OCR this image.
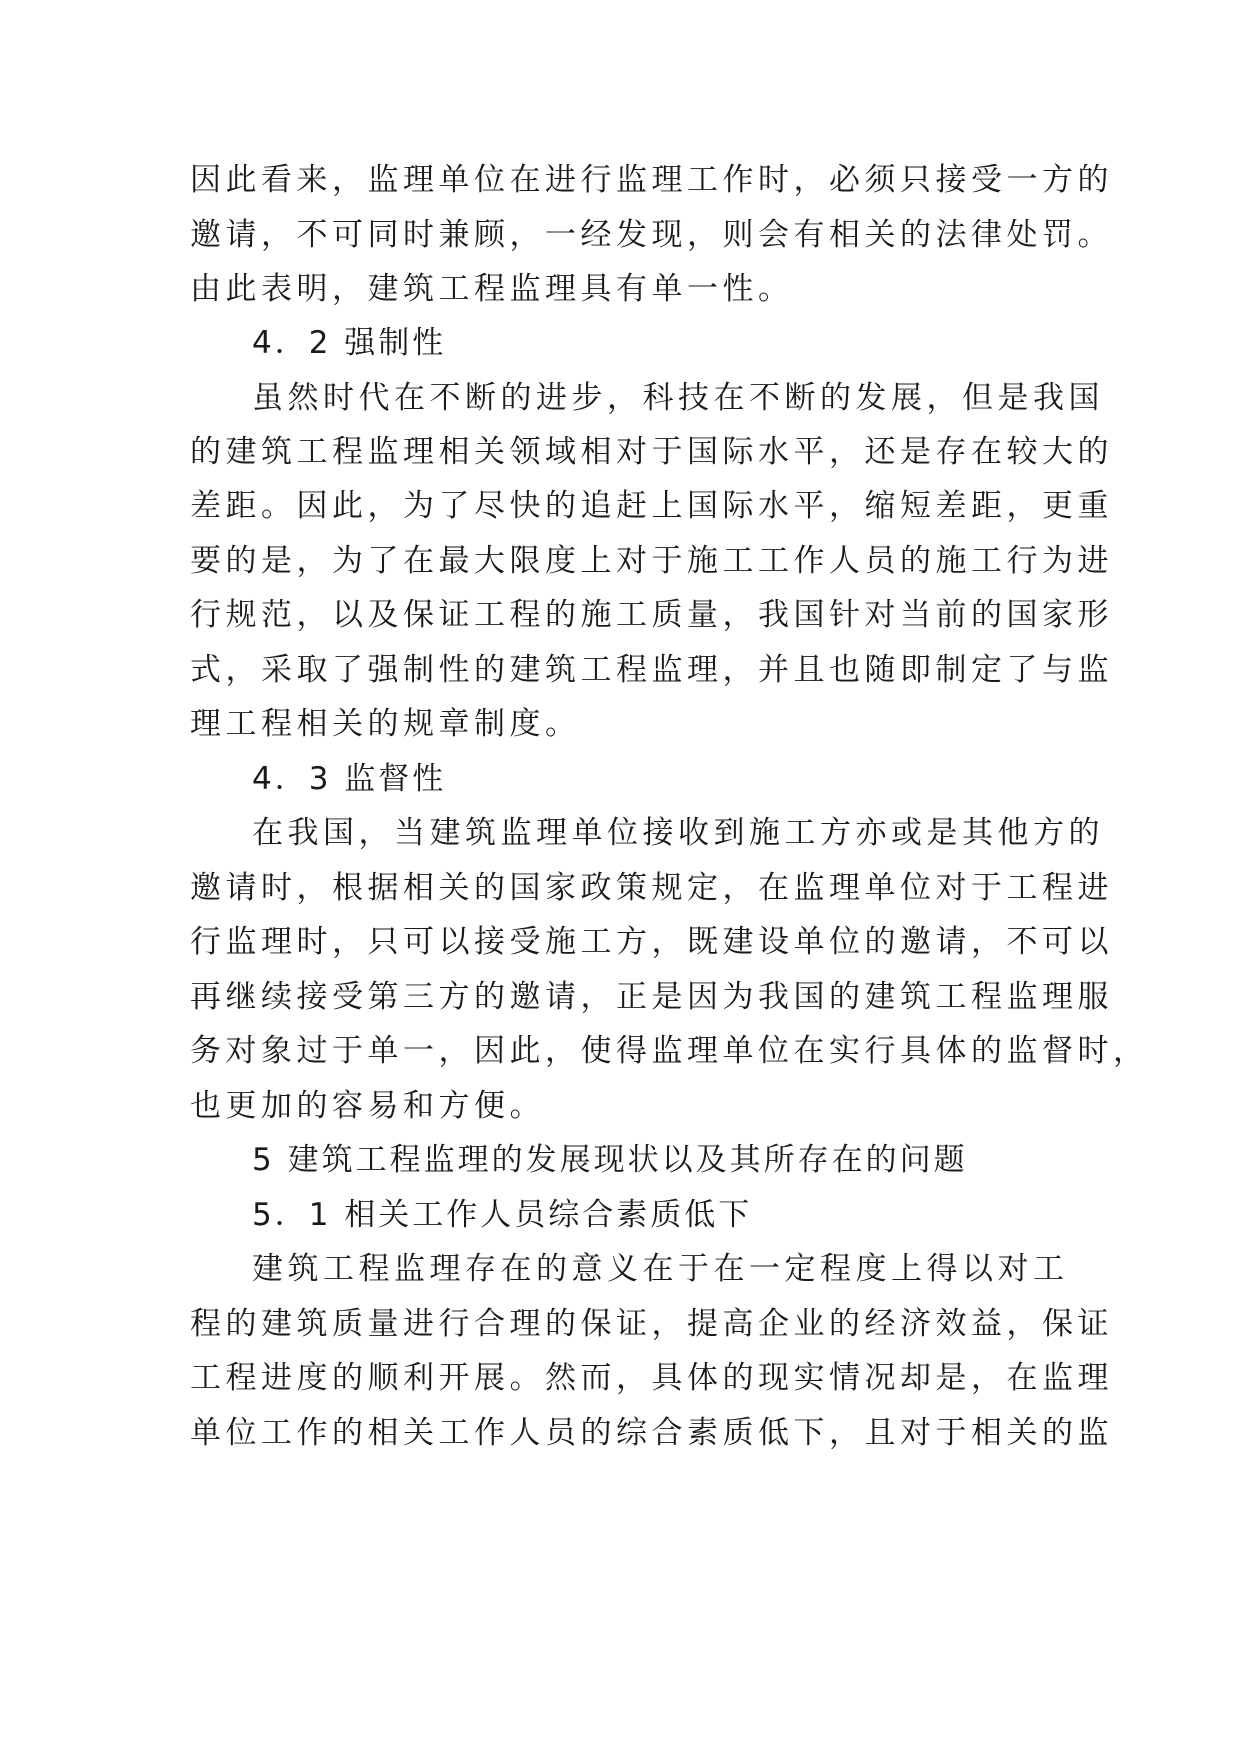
因此看来，监理单位在进行监理工作时，必须只接受一方的
邀请，不可同时兼顾，一经发现，则会有相关的法律处罚。
由此表明，建筑工程监理具有单一性。
4．2 强制性
虽然时代在不断的进步，科技在不断的发展，但是我国
的建筑工程监理相关领域相对于国际水平，还是存在较大的
差距。因此，为了尽快的追赶上国际水平，缩短差距，更重
要的是，为了在最大限度上对于施工工作人员的施工行为进
行规范，以及保证工程的施工质量，我国针对当前的国家形
式，采取了强制性的建筑工程监理，并且也随即制定了与监
理工程相关的规章制度。
4．3 监督性
在我国，当建筑监理单位接收到施工方亦或是其他方的
邀请时，根据相关的国家政策规定，在监理单位对于工程进
行监理时，只可以接受施工方，既建设单位的邀请，不可以
再继续接受第三方的邀请，正是因为我国的建筑工程监理服
务对象过于单一，因此，使得监理单位在实行具体的监督时，
也更加的容易和方便。
5 建筑工程监理的发展现状以及其所存在的问题
5．1 相关工作人员综合素质低下
建筑工程监理存在的意义在于在一定程度上得以对工
程的建筑质量进行合理的保证，提高企业的经济效益，保证
工程进度的顺利开展。然而，具体的现实情况却是，在监理
单位工作的相关工作人员的综合素质低下，且对于相关的监
